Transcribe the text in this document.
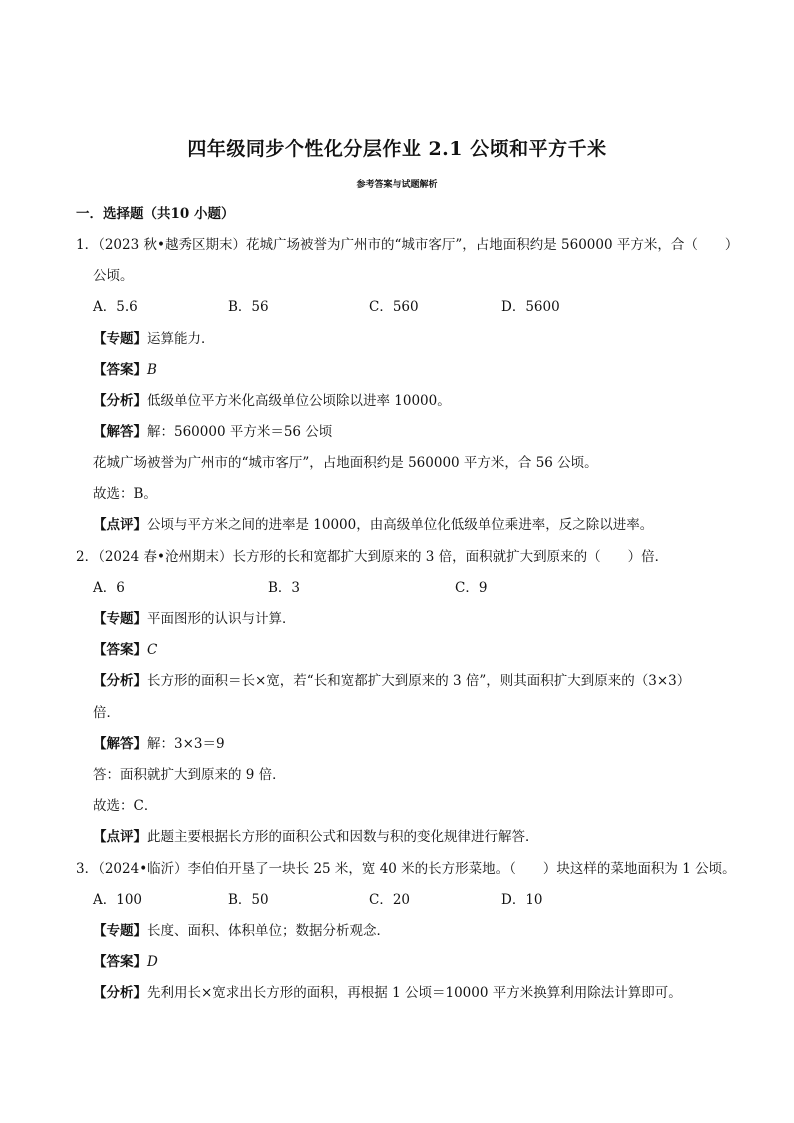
四年级同步个性化分层作业 2.1 公顷和平方千米
参考答案与试题解析
一．选择题（共10 小题）
1．（2023 秋•越秀区期末）花城广场被誉为广州市的“城市客厅”，占地面积约是 560000 平方米，合（　　）
公顷。
A．5.6	B．56	C．560	D．5600
【专题】运算能力．
【答案】B
【分析】低级单位平方米化高级单位公顷除以进率 10000。
【解答】解：560000 平方米＝56 公顷
花城广场被誉为广州市的“城市客厅”，占地面积约是 560000 平方米，合 56 公顷。
故选：B。
【点评】公顷与平方米之间的进率是 10000，由高级单位化低级单位乘进率，反之除以进率。
2．（2024 春•沧州期末）长方形的长和宽都扩大到原来的 3 倍，面积就扩大到原来的（　　）倍．
A．6	B．3	C．9
【专题】平面图形的认识与计算．
【答案】C
【分析】长方形的面积＝长×宽，若“长和宽都扩大到原来的 3 倍”，则其面积扩大到原来的（3×3）
倍．
【解答】解：3×3＝9
答：面积就扩大到原来的 9 倍．
故选：C．
【点评】此题主要根据长方形的面积公式和因数与积的变化规律进行解答．
3．（2024•临沂）李伯伯开垦了一块长 25 米，宽 40 米的长方形菜地。（　　）块这样的菜地面积为 1 公顷。
A．100	B．50	C．20	D．10
【专题】长度、面积、体积单位；数据分析观念．
【答案】D
【分析】先利用长×宽求出长方形的面积，再根据 1 公顷＝10000 平方米换算利用除法计算即可。
